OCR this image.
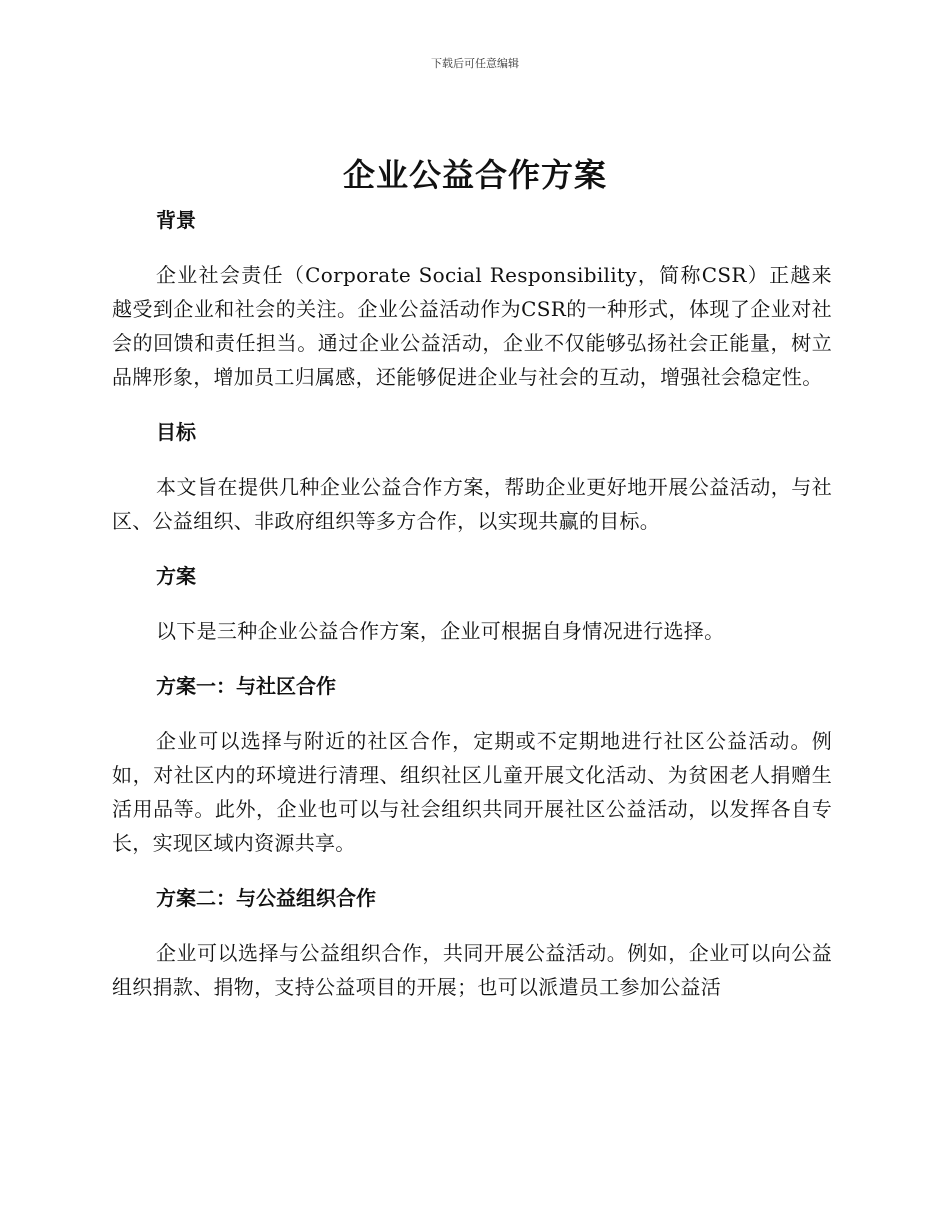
下载后可任意编辑
企业公益合作方案
背景

企业社会责任（Corporate Social Responsibility，简称CSR）正越来越受到企业和社会的关注。企业公益活动作为CSR的一种形式，体现了企业对社会的回馈和责任担当。通过企业公益活动，企业不仅能够弘扬社会正能量，树立品牌形象，增加员工归属感，还能够促进企业与社会的互动，增强社会稳定性。

目标

本文旨在提供几种企业公益合作方案，帮助企业更好地开展公益活动，与社区、公益组织、非政府组织等多方合作，以实现共赢的目标。

方案

以下是三种企业公益合作方案，企业可根据自身情况进行选择。

方案一：与社区合作

企业可以选择与附近的社区合作，定期或不定期地进行社区公益活动。例如，对社区内的环境进行清理、组织社区儿童开展文化活动、为贫困老人捐赠生活用品等。此外，企业也可以与社会组织共同开展社区公益活动，以发挥各自专长，实现区域内资源共享。

方案二：与公益组织合作

企业可以选择与公益组织合作，共同开展公益活动。例如，企业可以向公益组织捐款、捐物，支持公益项目的开展；也可以派遣员工参加公益活
